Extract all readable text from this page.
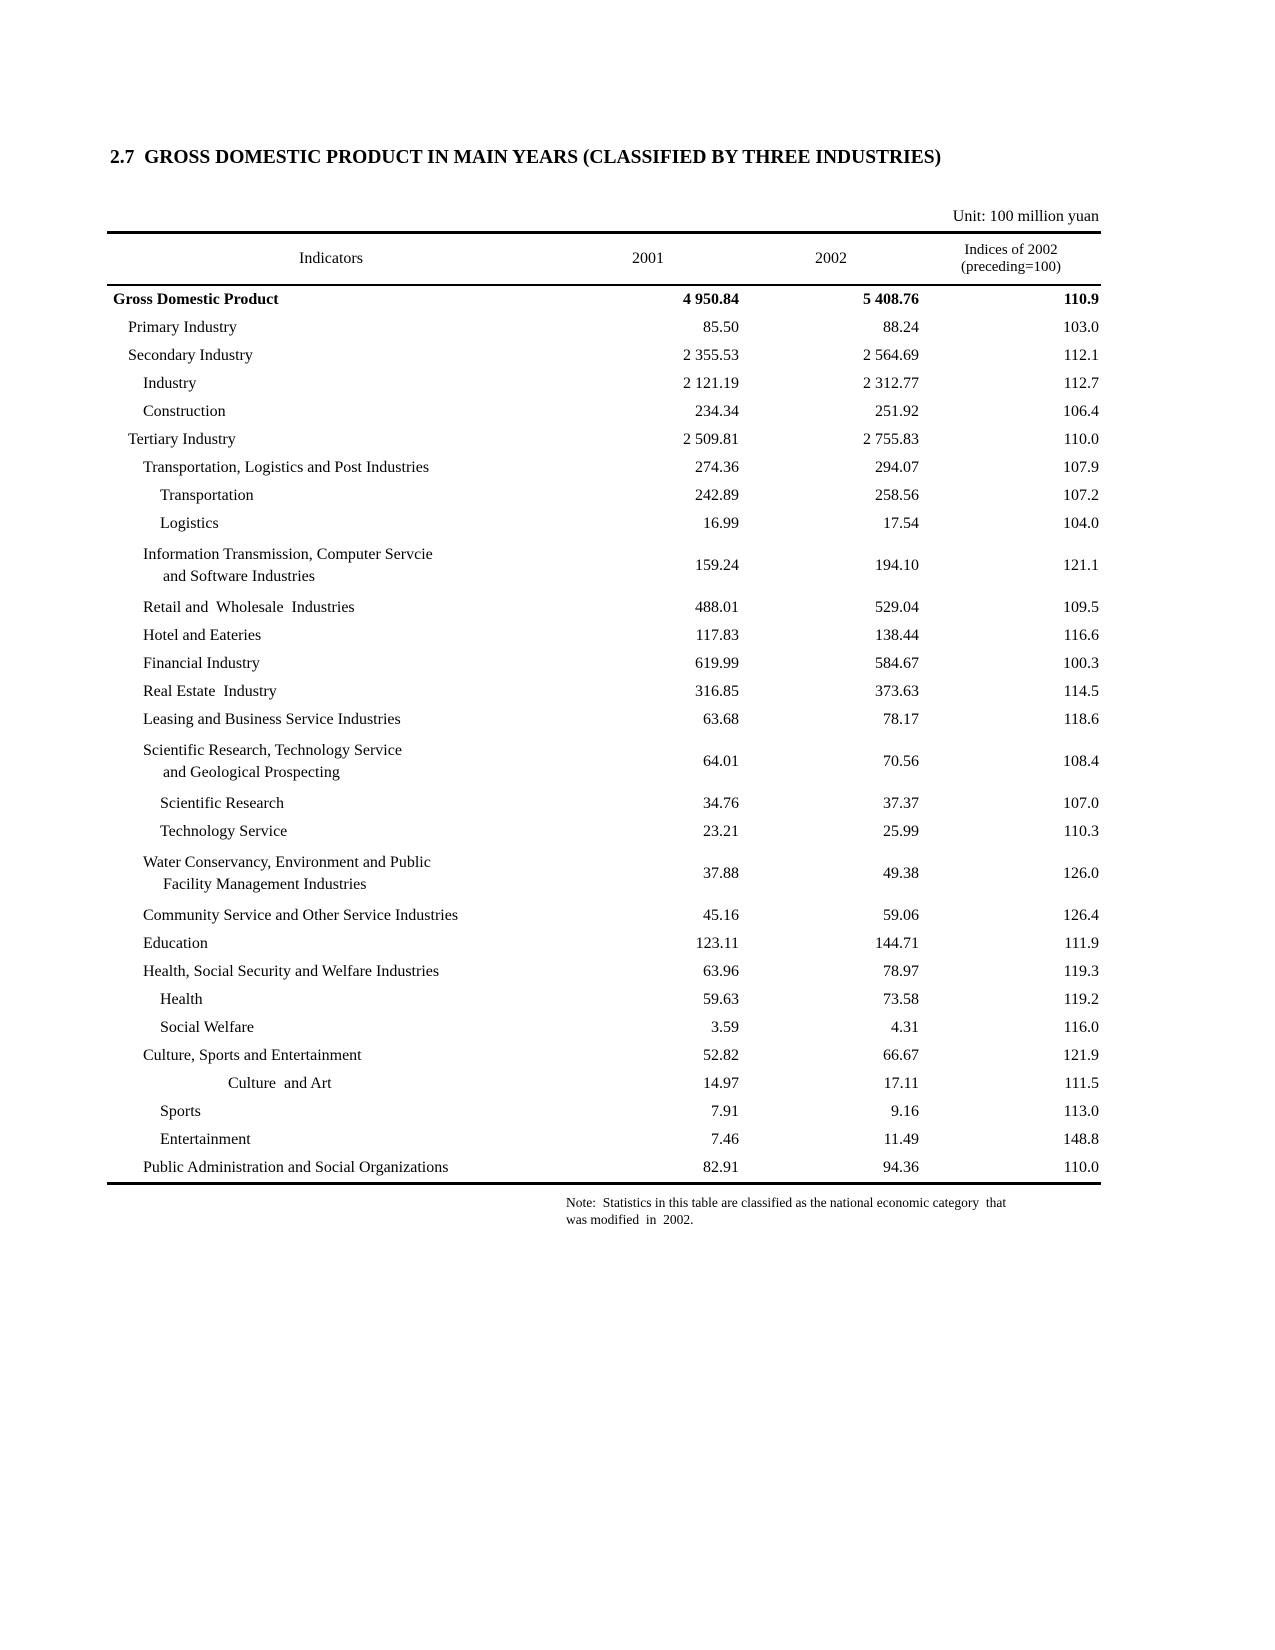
2.7  GROSS DOMESTIC PRODUCT IN MAIN YEARS (CLASSIFIED BY THREE INDUSTRIES)
Unit: 100 million yuan
Indicators	2001	2002	Indices of 2002
(preceding=100)

Gross Domestic Product	4 950.84	5 408.76	110.9

Primary Industry	85.50	88.24	103.0

Secondary Industry	2 355.53	2 564.69	112.1

Industry	2 121.19	2 312.77	112.7

Construction	234.34	251.92	106.4

Tertiary Industry	2 509.81	2 755.83	110.0

Transportation, Logistics and Post Industries	274.36	294.07	107.9

Transportation	242.89	258.56	107.2

Logistics	16.99	17.54	104.0

Information Transmission, Computer Servcie
and Software Industries	159.24	194.10	121.1

Retail and  Wholesale  Industries	488.01	529.04	109.5

Hotel and Eateries	117.83	138.44	116.6

Financial Industry	619.99	584.67	100.3

Real Estate  Industry	316.85	373.63	114.5

Leasing and Business Service Industries	63.68	78.17	118.6

Scientific Research, Technology Service
and Geological Prospecting	64.01	70.56	108.4

Scientific Research	34.76	37.37	107.0

Technology Service	23.21	25.99	110.3

Water Conservancy, Environment and Public
Facility Management Industries	37.88	49.38	126.0

Community Service and Other Service Industries	45.16	59.06	126.4

Education	123.11	144.71	111.9

Health, Social Security and Welfare Industries	63.96	78.97	119.3

Health	59.63	73.58	119.2

Social Welfare	3.59	4.31	116.0

Culture, Sports and Entertainment	52.82	66.67	121.9

Culture  and Art	14.97	17.11	111.5

Sports	7.91	9.16	113.0

Entertainment	7.46	11.49	148.8

Public Administration and Social Organizations	82.91	94.36	110.0
Note:  Statistics in this table are classified as the national economic category  that
was modified  in  2002.
